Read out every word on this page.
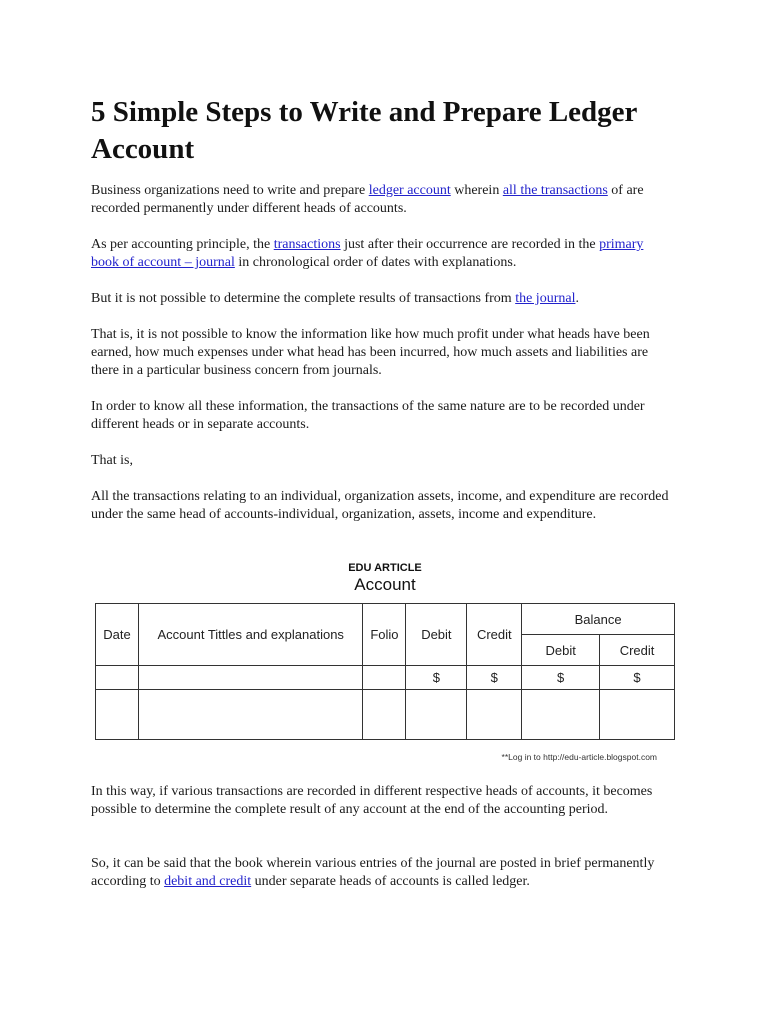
5 Simple Steps to Write and Prepare Ledger Account

Business organizations need to write and prepare ledger account wherein all the transactions of are recorded permanently under different heads of accounts.

As per accounting principle, the transactions just after their occurrence are recorded in the primary book of account – journal in chronological order of dates with explanations.

But it is not possible to determine the complete results of transactions from the journal.

That is, it is not possible to know the information like how much profit under what heads have been earned, how much expenses under what head has been incurred, how much assets and liabilities are there in a particular business concern from journals.

In order to know all these information, the transactions of the same nature are to be recorded under different heads or in separate accounts.

That is,

All the transactions relating to an individual, organization assets, income, and expenditure are recorded under the same head of accounts-individual, organization, assets, income and expenditure.

In this way, if various transactions are recorded in different respective heads of accounts, it becomes possible to determine the complete result of any account at the end of the accounting period.

So, it can be said that the book wherein various entries of the journal are posted in brief permanently according to debit and credit under separate heads of accounts is called ledger.

EDU ARTICLE
Account
Date	Account Tittles and explanations	Folio	Debit	Credit	Balance	
					Debit	Credit
			$	$	$	$

**Log in to http://edu-article.blogspot.com
